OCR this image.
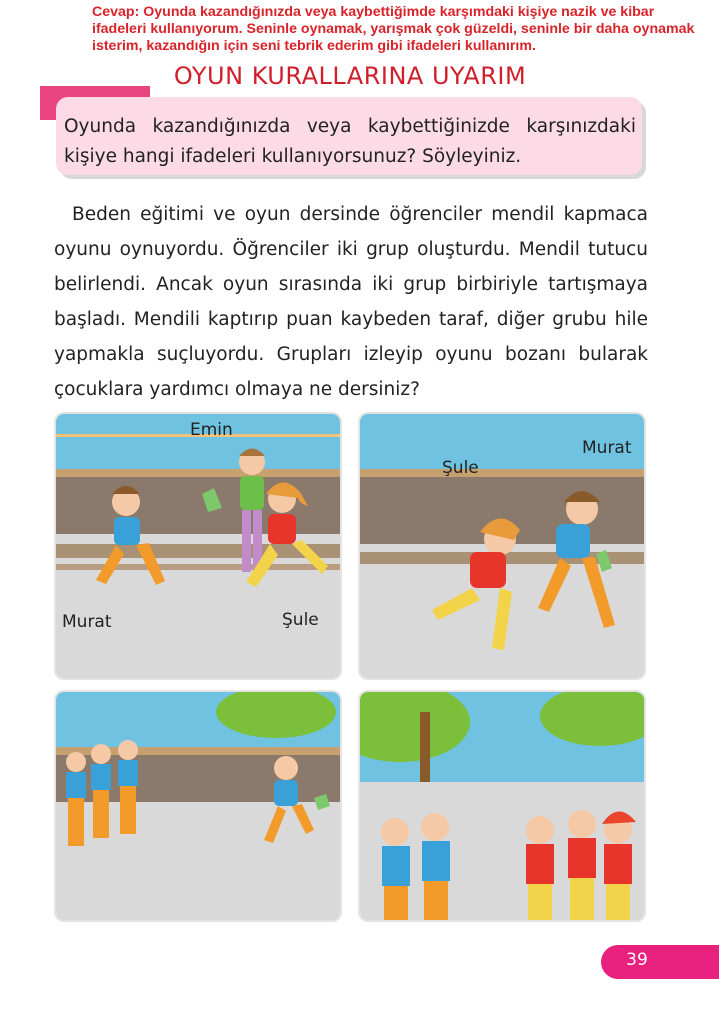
Cevap: Oyunda kazandığınızda veya kaybettiğimde karşımdaki kişiye nazik ve kibar ifadeleri kullanıyorum. Seninle oynamak, yarışmak çok güzeldi, seninle bir daha oynamak isterim, kazandığın için seni tebrik ederim gibi ifadeleri kullanırım.
OYUN KURALLARINA UYARIM
Oyunda kazandığınızda veya kaybettiğinizde karşınızdaki kişiye hangi ifadeleri kullanıyorsunuz? Söyleyiniz.

Beden eğitimi ve oyun dersinde öğrenciler mendil kapmaca oyunu oynuyordu. Öğrenciler iki grup oluşturdu. Mendil tutucu belirlendi. Ancak oyun sırasında iki grup birbiriyle tartışmaya başladı. Mendili kaptırıp puan kaybeden taraf, diğer grubu hile yapmakla suçluyordu. Grupları izleyip oyunu bozanı bularak çocuklara yardımcı olmaya ne dersiniz?

Emin
Murat	Şule
Şule
Murat
39
